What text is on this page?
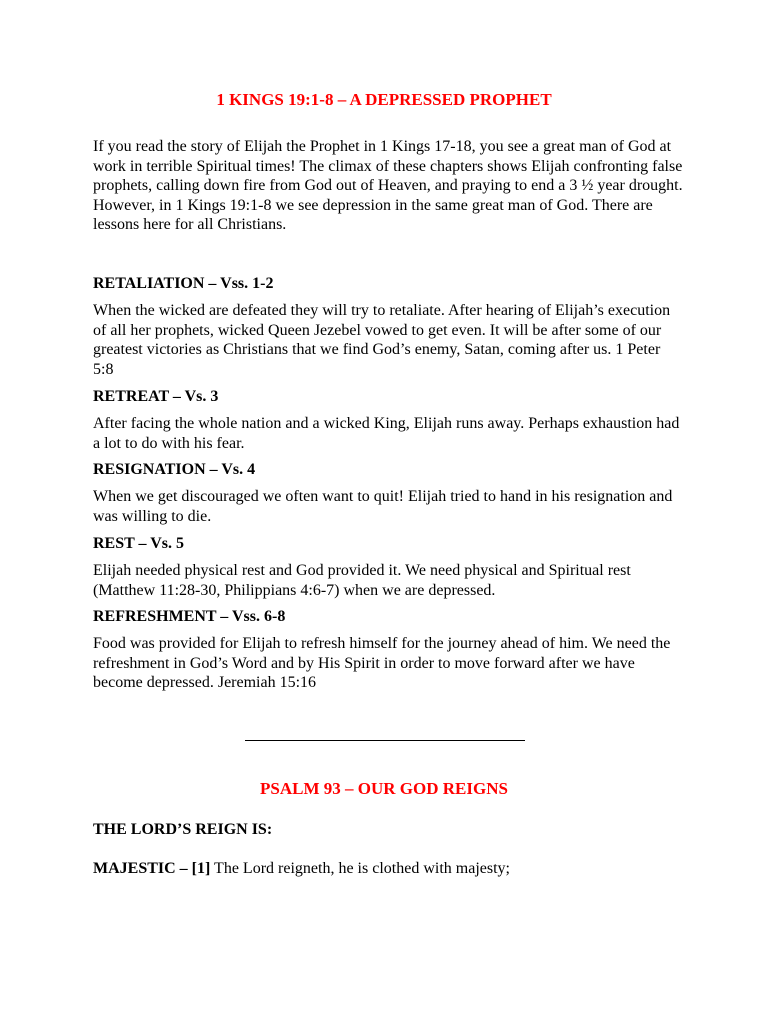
1 KINGS 19:1-8 – A DEPRESSED PROPHET

If you read the story of Elijah the Prophet in 1 Kings 17-18, you see a great man of God at work in terrible Spiritual times! The climax of these chapters shows Elijah confronting false prophets, calling down fire from God out of Heaven, and praying to end a 3 ½ year drought. However, in 1 Kings 19:1-8 we see depression in the same great man of God. There are lessons here for all Christians.

RETALIATION – Vss. 1-2

When the wicked are defeated they will try to retaliate. After hearing of Elijah’s execution of all her prophets, wicked Queen Jezebel vowed to get even. It will be after some of our greatest victories as Christians that we find God’s enemy, Satan, coming after us. 1 Peter 5:8

RETREAT – Vs. 3

After facing the whole nation and a wicked King, Elijah runs away. Perhaps exhaustion had a lot to do with his fear.

RESIGNATION – Vs. 4

When we get discouraged we often want to quit! Elijah tried to hand in his resignation and was willing to die.

REST – Vs. 5

Elijah needed physical rest and God provided it. We need physical and Spiritual rest (Matthew 11:28-30, Philippians 4:6-7) when we are depressed.

REFRESHMENT – Vss. 6-8

Food was provided for Elijah to refresh himself for the journey ahead of him. We need the refreshment in God’s Word and by His Spirit in order to move forward after we have become depressed. Jeremiah 15:16

PSALM 93 – OUR GOD REIGNS

THE LORD’S REIGN IS:

MAJESTIC – [1] The Lord reigneth, he is clothed with majesty;
